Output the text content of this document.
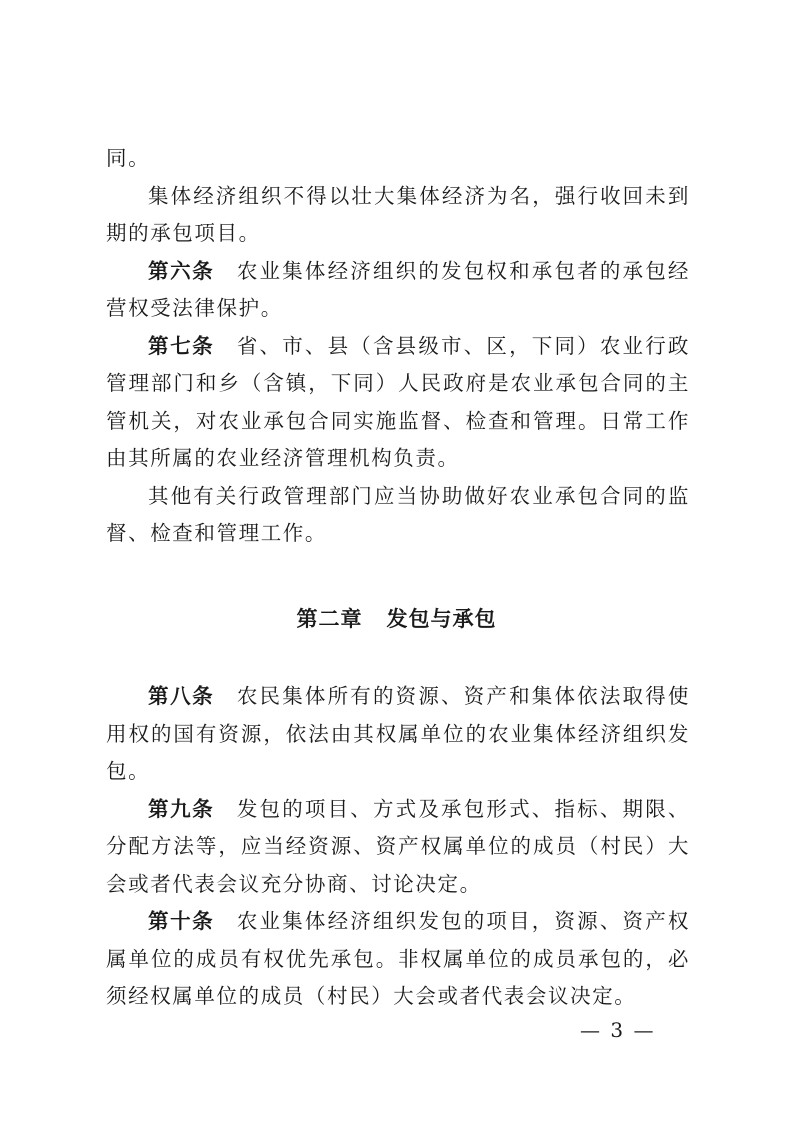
同。

集体经济组织不得以壮大集体经济为名，强行收回未到期的承包项目。

第六条 农业集体经济组织的发包权和承包者的承包经营权受法律保护。

第七条 省、市、县（含县级市、区，下同）农业行政管理部门和乡（含镇，下同）人民政府是农业承包合同的主管机关，对农业承包合同实施监督、检查和管理。日常工作由其所属的农业经济管理机构负责。

其他有关行政管理部门应当协助做好农业承包合同的监督、检查和管理工作。

第二章 发包与承包

第八条 农民集体所有的资源、资产和集体依法取得使用权的国有资源，依法由其权属单位的农业集体经济组织发包。

第九条 发包的项目、方式及承包形式、指标、期限、分配方法等，应当经资源、资产权属单位的成员（村民）大会或者代表会议充分协商、讨论决定。

第十条 农业集体经济组织发包的项目，资源、资产权属单位的成员有权优先承包。非权属单位的成员承包的，必须经权属单位的成员（村民）大会或者代表会议决定。

— 3 —
